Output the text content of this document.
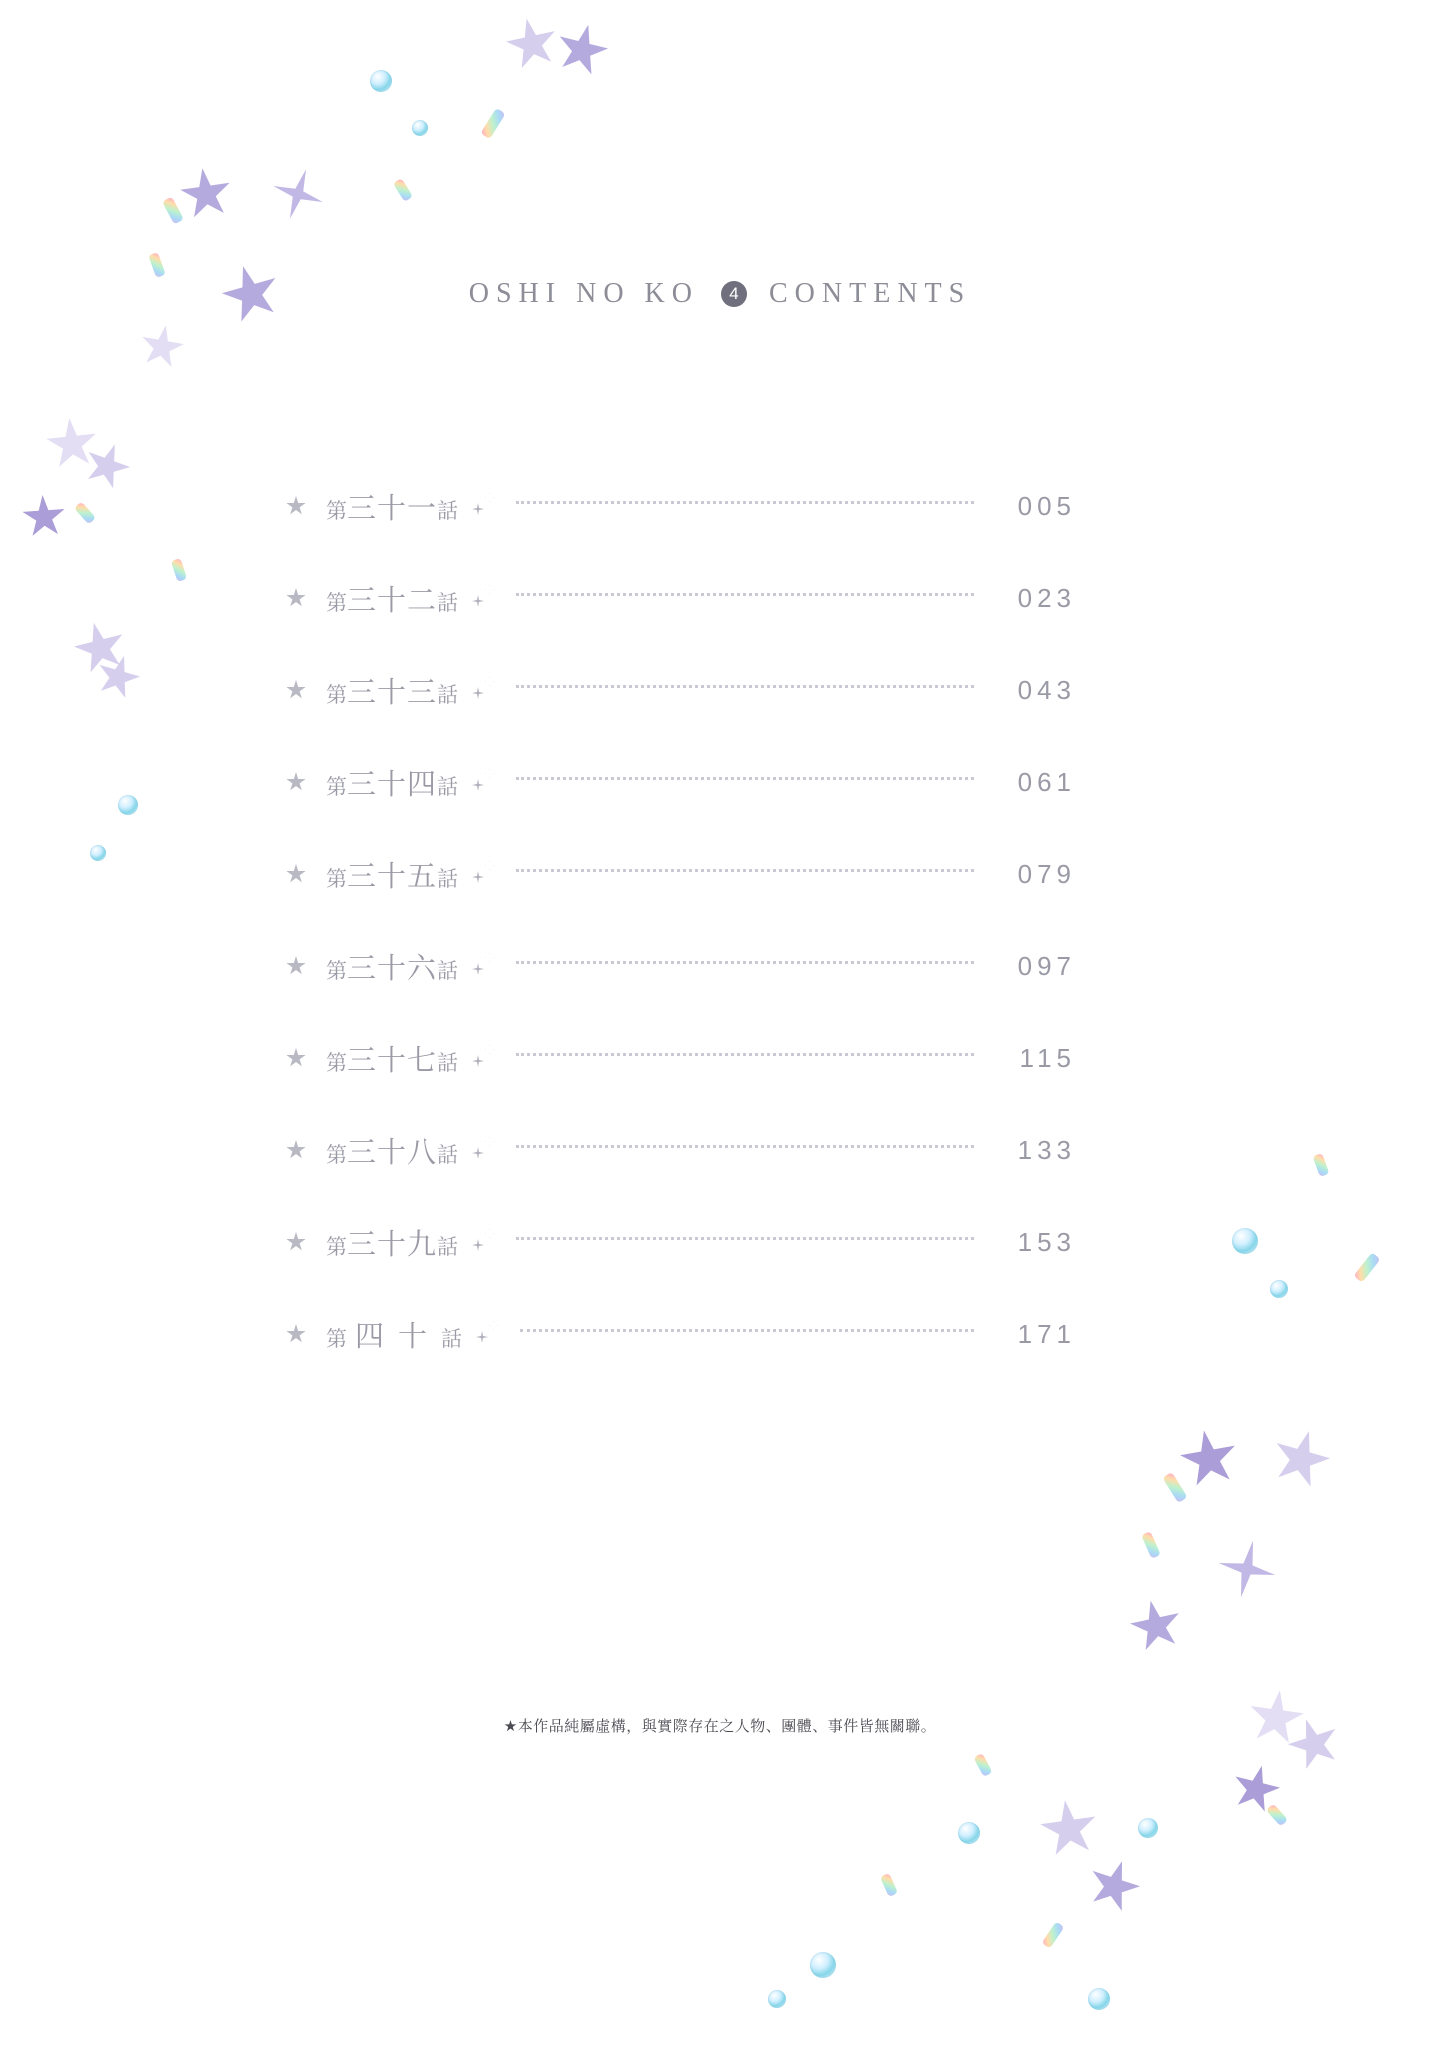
OSHI NO KO 4 CONTENTS
第三十一話	005
第三十二話	023
第三十三話	043
第三十四話	061
第三十五話	079
第三十六話	097
第三十七話	115
第三十八話	133
第三十九話	153
第 四十話	171
★本作品純屬虛構，與實際存在之人物、團體、事件皆無關聯。
